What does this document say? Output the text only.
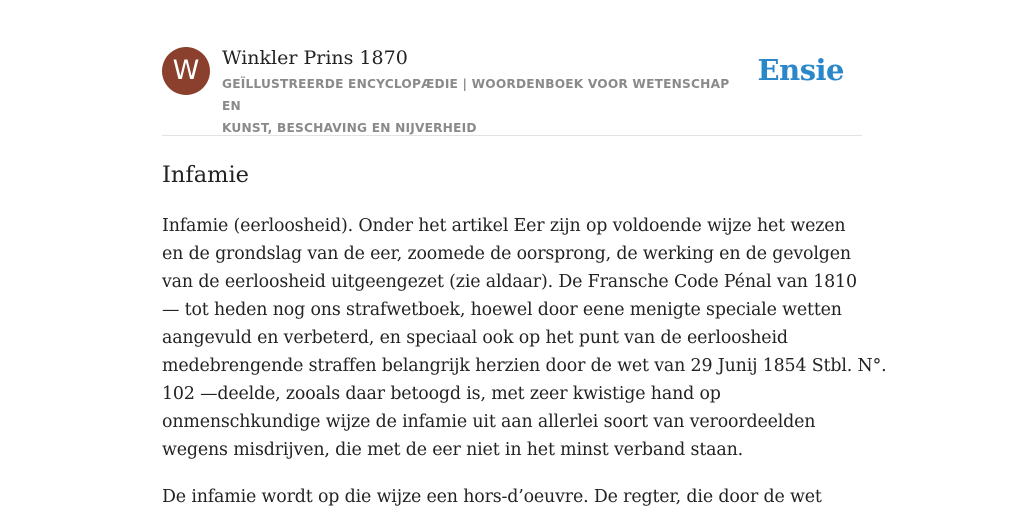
W	Winkler Prins 1870
GEÏLLUSTREERDE ENCYCLOPÆDIE | WOORDENBOEK VOOR WETENSCHAP EN
KUNST, BESCHAVING EN NIJVERHEID
Ensie
Infamie

Infamie (eerloosheid). Onder het artikel Eer zijn op voldoende wijze het wezen
en de grondslag van de eer, zoomede de oorsprong, de werking en de gevolgen
van de eerloosheid uitgeengezet (zie aldaar). De Fransche Code Pénal van 1810
— tot heden nog ons strafwetboek, hoewel door eene menigte speciale wetten
aangevuld en verbeterd, en speciaal ook op het punt van de eerloosheid
medebrengende straffen belangrijk herzien door de wet van 29 Junij 1854 Stbl. N°.
102 —deelde, zooals daar betoogd is, met zeer kwistige hand op
onmenschkundige wijze de infamie uit aan allerlei soort van veroordeelden
wegens misdrijven, die met de eer niet in het minst verband staan.

De infamie wordt op die wijze een hors-d’oeuvre. De regter, die door de wet
